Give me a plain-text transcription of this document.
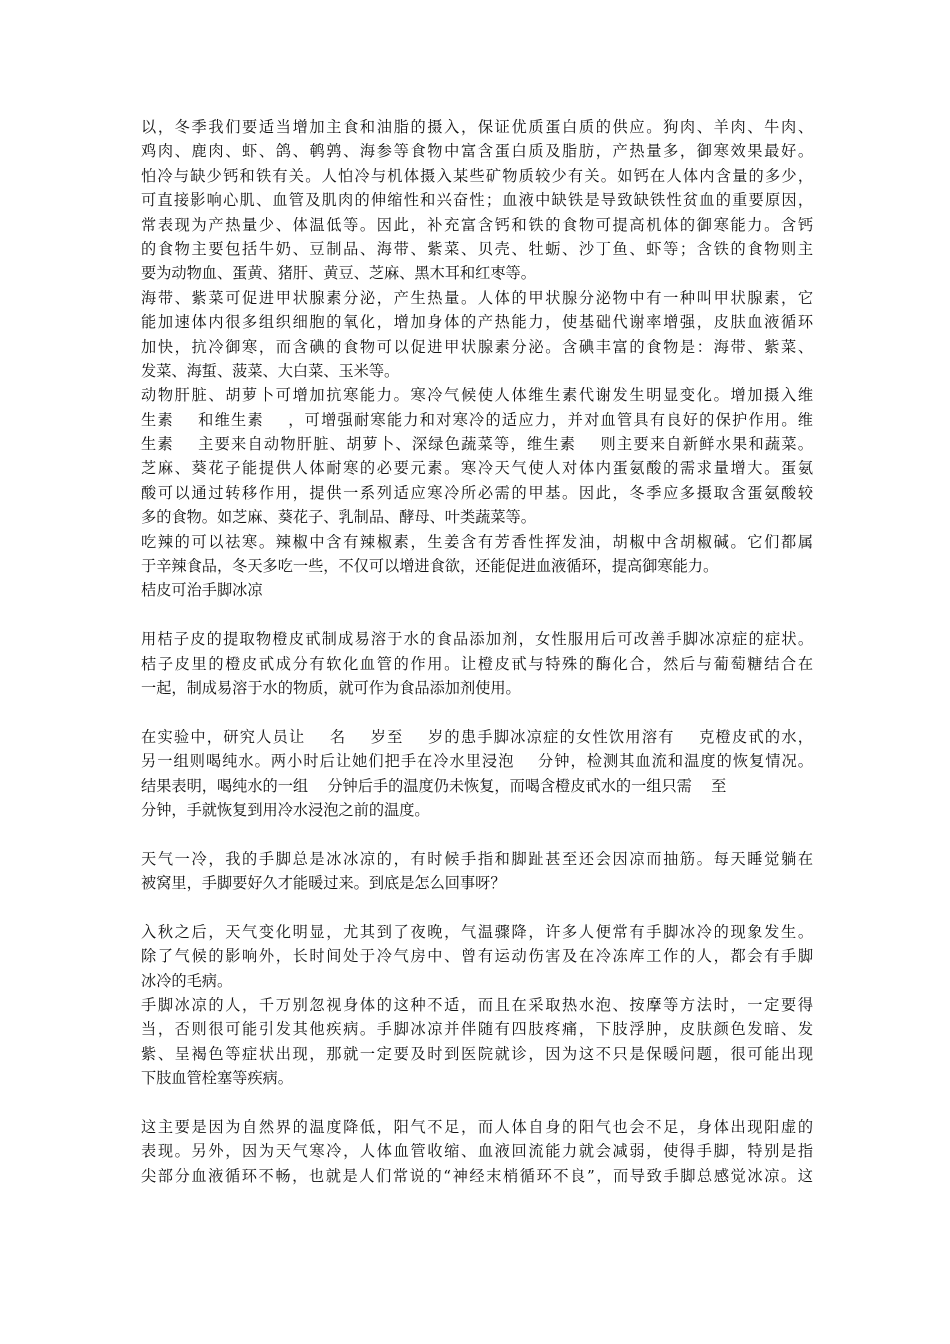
以，冬季我们要适当增加主食和油脂的摄入，保证优质蛋白质的供应。狗肉、羊肉、牛肉、
鸡肉、鹿肉、虾、鸽、鹌鹑、海参等食物中富含蛋白质及脂肪，产热量多，御寒效果最好。
怕冷与缺少钙和铁有关。人怕冷与机体摄入某些矿物质较少有关。如钙在人体内含量的多少，
可直接影响心肌、血管及肌肉的伸缩性和兴奋性；血液中缺铁是导致缺铁性贫血的重要原因，
常表现为产热量少、体温低等。因此，补充富含钙和铁的食物可提高机体的御寒能力。含钙
的食物主要包括牛奶、豆制品、海带、紫菜、贝壳、牡蛎、沙丁鱼、虾等；含铁的食物则主
要为动物血、蛋黄、猪肝、黄豆、芝麻、黑木耳和红枣等。
海带、紫菜可促进甲状腺素分泌，产生热量。人体的甲状腺分泌物中有一种叫甲状腺素，它
能加速体内很多组织细胞的氧化，增加身体的产热能力，使基础代谢率增强，皮肤血液循环
加快，抗冷御寒，而含碘的食物可以促进甲状腺素分泌。含碘丰富的食物是：海带、紫菜、
发菜、海蜇、菠菜、大白菜、玉米等。
动物肝脏、胡萝卜可增加抗寒能力。寒冷气候使人体维生素代谢发生明显变化。增加摄入维
生素    和维生素    ，可增强耐寒能力和对寒冷的适应力，并对血管具有良好的保护作用。维
生素    主要来自动物肝脏、胡萝卜、深绿色蔬菜等，维生素    则主要来自新鲜水果和蔬菜。
芝麻、葵花子能提供人体耐寒的必要元素。寒冷天气使人对体内蛋氨酸的需求量增大。蛋氨
酸可以通过转移作用，提供一系列适应寒冷所必需的甲基。因此，冬季应多摄取含蛋氨酸较
多的食物。如芝麻、葵花子、乳制品、酵母、叶类蔬菜等。
吃辣的可以祛寒。辣椒中含有辣椒素，生姜含有芳香性挥发油，胡椒中含胡椒碱。它们都属
于辛辣食品，冬天多吃一些，不仅可以增进食欲，还能促进血液循环，提高御寒能力。
桔皮可治手脚冰凉
用桔子皮的提取物橙皮甙制成易溶于水的食品添加剂，女性服用后可改善手脚冰凉症的症状。
桔子皮里的橙皮甙成分有软化血管的作用。让橙皮甙与特殊的酶化合，然后与葡萄糖结合在
一起，制成易溶于水的物质，就可作为食品添加剂使用。
在实验中，研究人员让    名    岁至    岁的患手脚冰凉症的女性饮用溶有    克橙皮甙的水，
另一组则喝纯水。两小时后让她们把手在冷水里浸泡    分钟，检测其血流和温度的恢复情况。
结果表明，喝纯水的一组    分钟后手的温度仍未恢复，而喝含橙皮甙水的一组只需    至
分钟，手就恢复到用冷水浸泡之前的温度。
天气一冷，我的手脚总是冰冰凉的，有时候手指和脚趾甚至还会因凉而抽筋。每天睡觉躺在
被窝里，手脚要好久才能暖过来。到底是怎么回事呀？
入秋之后，天气变化明显，尤其到了夜晚，气温骤降，许多人便常有手脚冰冷的现象发生。
除了气候的影响外，长时间处于冷气房中、曾有运动伤害及在冷冻库工作的人，都会有手脚
冰冷的毛病。
手脚冰凉的人，千万别忽视身体的这种不适，而且在采取热水泡、按摩等方法时，一定要得
当，否则很可能引发其他疾病。手脚冰凉并伴随有四肢疼痛，下肢浮肿，皮肤颜色发暗、发
紫、呈褐色等症状出现，那就一定要及时到医院就诊，因为这不只是保暖问题，很可能出现
下肢血管栓塞等疾病。
这主要是因为自然界的温度降低，阳气不足，而人体自身的阳气也会不足，身体出现阳虚的
表现。另外，因为天气寒冷，人体血管收缩、血液回流能力就会减弱，使得手脚，特别是指
尖部分血液循环不畅，也就是人们常说的“神经末梢循环不良”，而导致手脚总感觉冰凉。这
